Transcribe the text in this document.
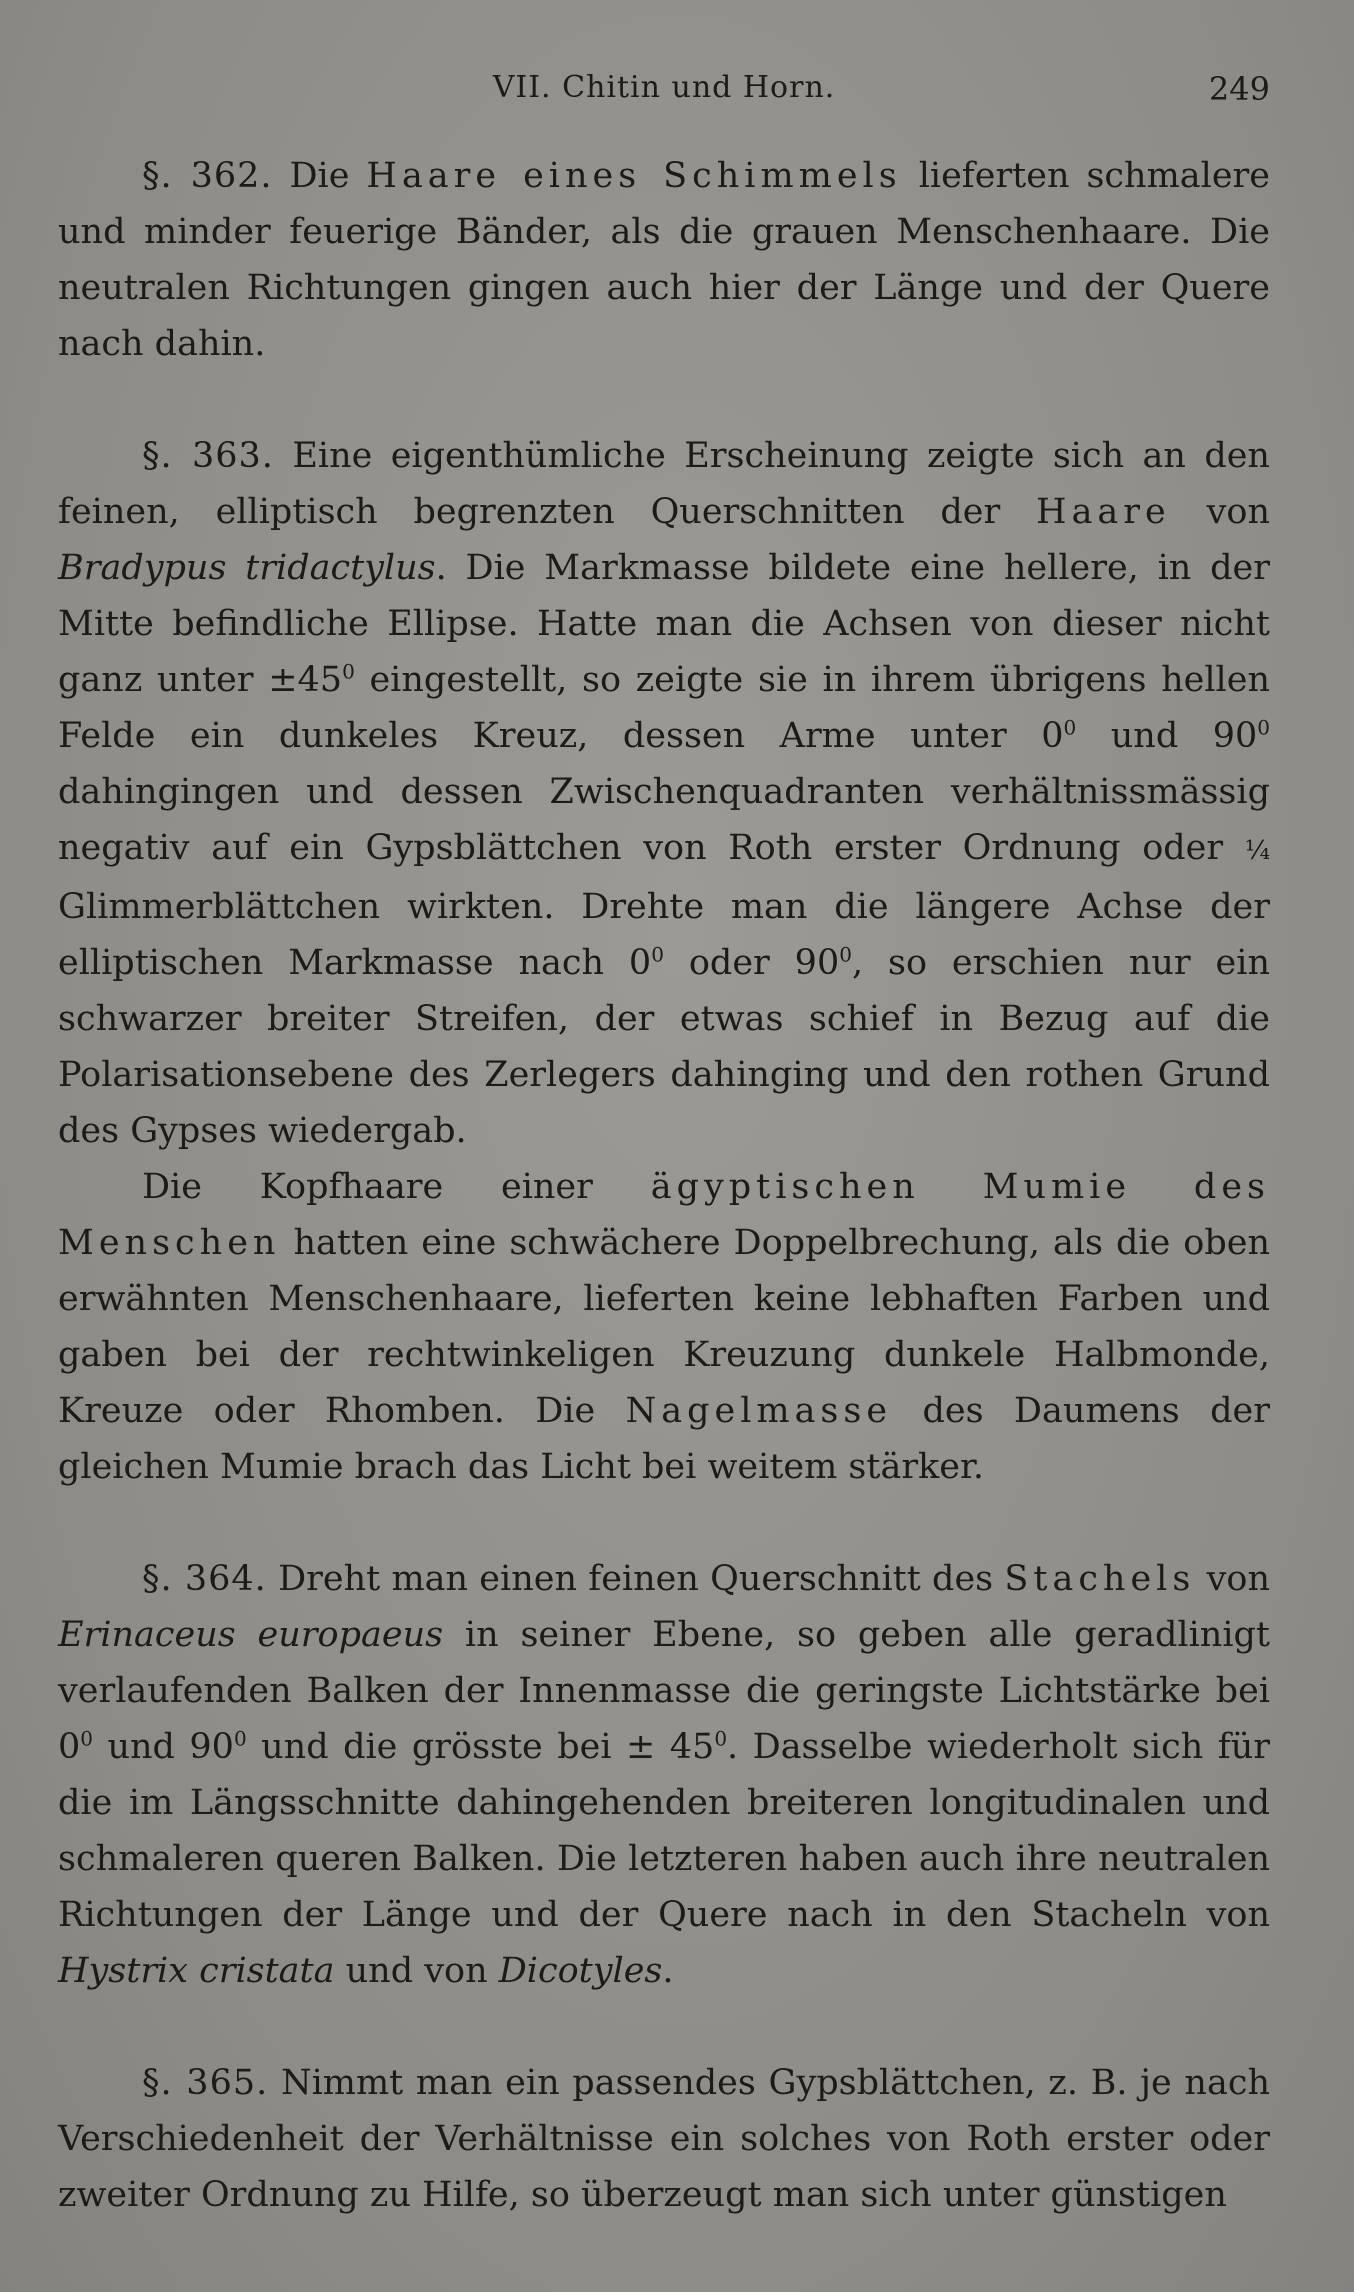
VII. Chitin und Horn.	249

§. 362. Die Haare eines Schimmels lieferten schmalere und minder feuerige Bänder, als die grauen Menschenhaare. Die neutralen Richtungen gingen auch hier der Länge und der Quere nach dahin.

§. 363. Eine eigenthümliche Erscheinung zeigte sich an den feinen, elliptisch begrenzten Querschnitten der Haare von Bradypus tridactylus. Die Markmasse bildete eine hellere, in der Mitte befindliche Ellipse. Hatte man die Achsen von dieser nicht ganz unter $\pm 45^0$ eingestellt, so zeigte sie in ihrem übrigens hellen Felde ein dunkeles Kreuz, dessen Arme unter $0^0$ und $90^0$ dahingingen und dessen Zwischenquadranten verhältnissmässig negativ auf ein Gypsblättchen von Roth erster Ordnung oder ¹⁄₄ Glimmerblättchen wirkten. Drehte man die längere Achse der elliptischen Markmasse nach $0^0$ oder $90^0$, so erschien nur ein schwarzer breiter Streifen, der etwas schief in Bezug auf die Polarisationsebene des Zerlegers dahinging und den rothen Grund des Gypses wiedergab.

Die Kopfhaare einer ägyptischen Mumie des Menschen hatten eine schwächere Doppelbrechung, als die oben erwähnten Menschenhaare, lieferten keine lebhaften Farben und gaben bei der rechtwinkeligen Kreuzung dunkele Halbmonde, Kreuze oder Rhomben. Die Nagelmasse des Daumens der gleichen Mumie brach das Licht bei weitem stärker.

§. 364. Dreht man einen feinen Querschnitt des Stachels von Erinaceus europaeus in seiner Ebene, so geben alle geradlinigt verlaufenden Balken der Innenmasse die geringste Lichtstärke bei $0^0$ und $90^0$ und die grösste bei ± $45^0$. Dasselbe wiederholt sich für die im Längsschnitte dahingehenden breiteren longitudinalen und schmaleren queren Balken. Die letzteren haben auch ihre neutralen Richtungen der Länge und der Quere nach in den Stacheln von Hystrix cristata und von Dicotyles.

§. 365. Nimmt man ein passendes Gypsblättchen, z. B. je nach Verschiedenheit der Verhältnisse ein solches von Roth erster oder zweiter Ordnung zu Hilfe, so überzeugt man sich unter günstigen
